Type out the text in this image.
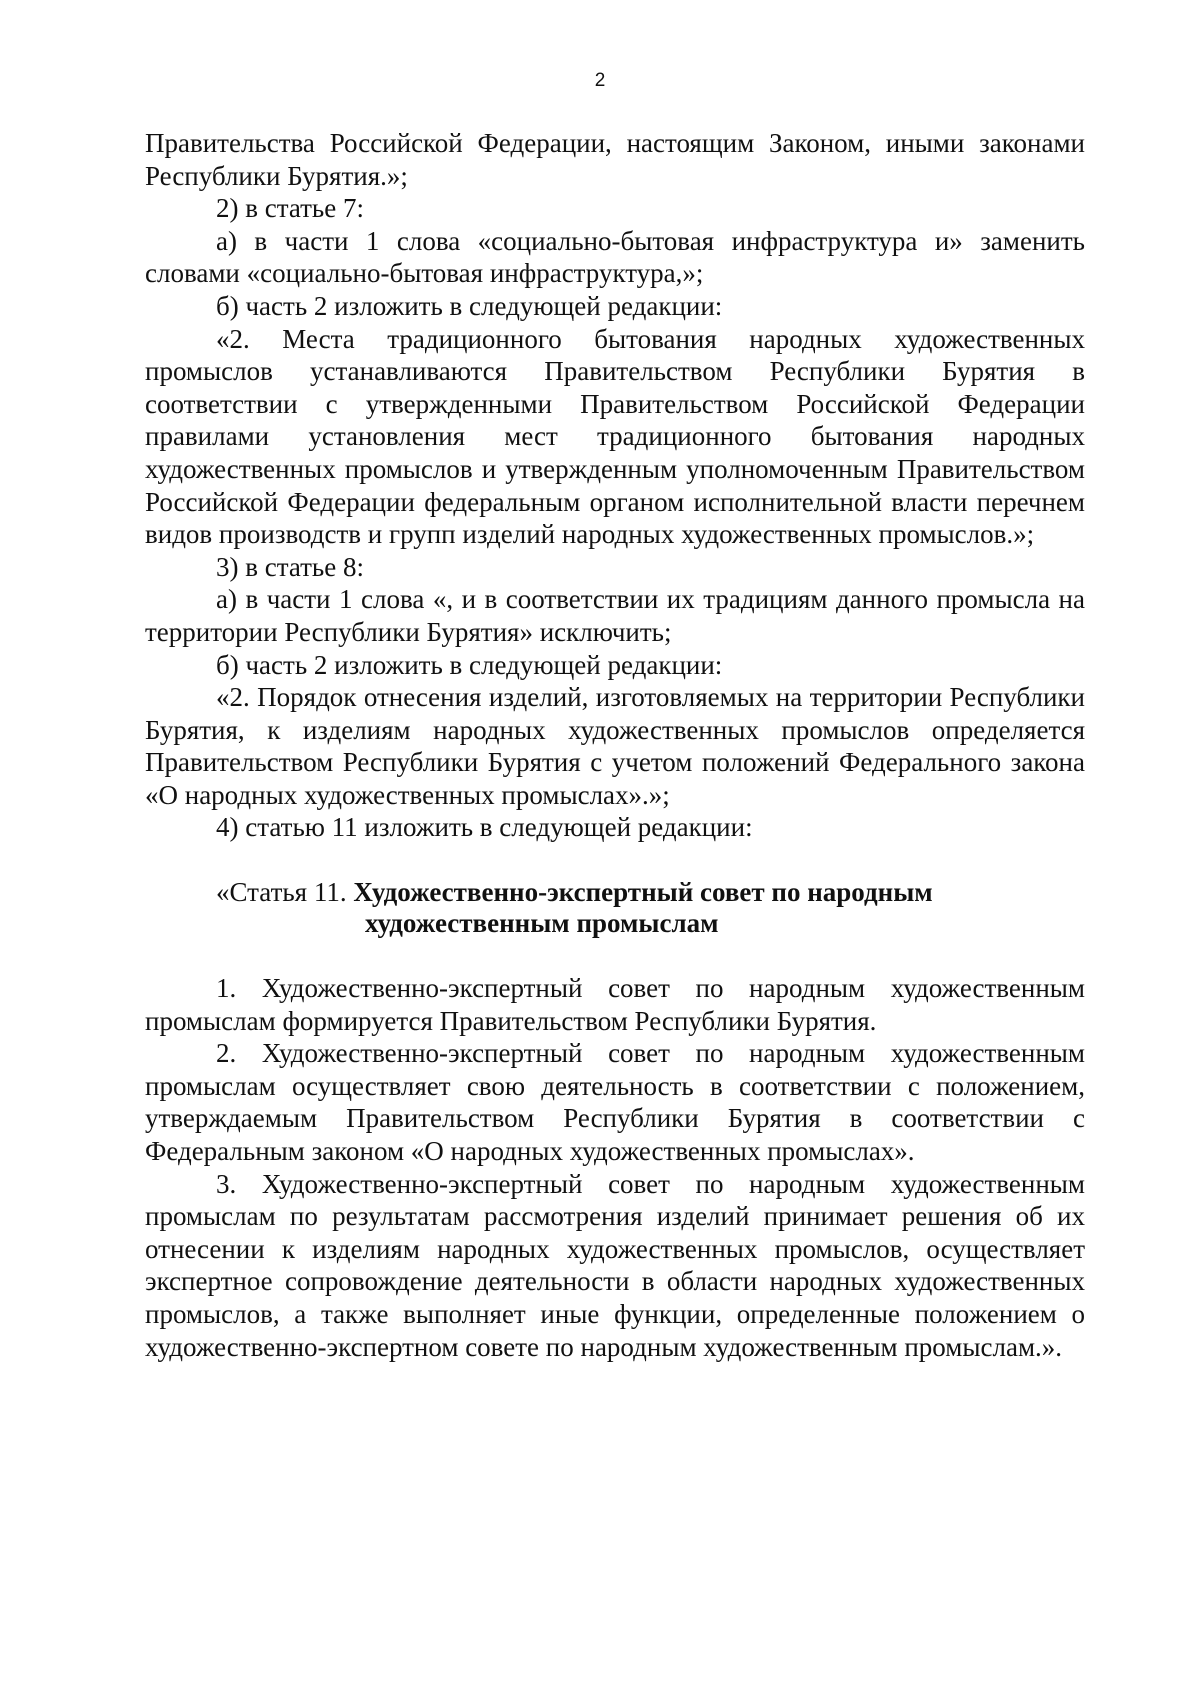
2

Правительства Российской Федерации, настоящим Законом, иными законами Республики Бурятия.»;

2) в статье 7:

а) в части 1 слова «социально-бытовая инфраструктура и» заменить словами «социально-бытовая инфраструктура,»;

б) часть 2 изложить в следующей редакции:

«2. Места традиционного бытования народных художественных промыслов устанавливаются Правительством Республики Бурятия в соответствии с утвержденными Правительством Российской Федерации правилами установления мест традиционного бытования народных художественных промыслов и утвержденным уполномоченным Правительством Российской Федерации федеральным органом исполнительной власти перечнем видов производств и групп изделий народных художественных промыслов.»;

3) в статье 8:

а) в части 1 слова «, и в соответствии их традициям данного промысла на территории Республики Бурятия» исключить;

б) часть 2 изложить в следующей редакции:

«2. Порядок отнесения изделий, изготовляемых на территории Республики Бурятия, к изделиям народных художественных промыслов определяется Правительством Республики Бурятия с учетом положений Федерального закона «О народных художественных промыслах».»;

4) статью 11 изложить в следующей редакции:

«Статья 11. Художественно-экспертный совет по народным
художественным промыслам

1. Художественно-экспертный совет по народным художественным промыслам формируется Правительством Республики Бурятия.

2. Художественно-экспертный совет по народным художественным промыслам осуществляет свою деятельность в соответствии с положением, утверждаемым Правительством Республики Бурятия в соответствии с Федеральным законом «О народных художественных промыслах».

3. Художественно-экспертный совет по народным художественным промыслам по результатам рассмотрения изделий принимает решения об их отнесении к изделиям народных художественных промыслов, осуществляет экспертное сопровождение деятельности в области народных художественных промыслов, а также выполняет иные функции, определенные положением о художественно-экспертном совете по народным художественным промыслам.».
